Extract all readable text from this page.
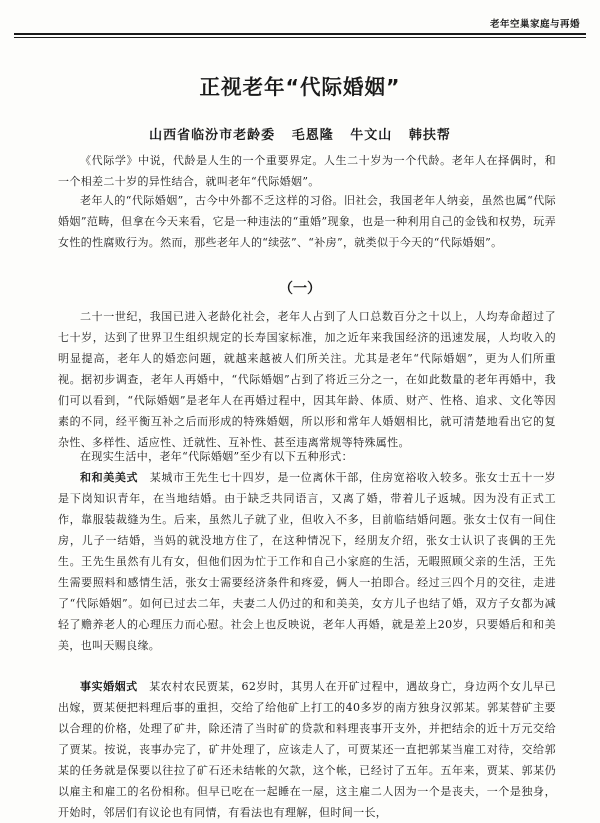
老年空巢家庭与再婚
正视老年“代际婚姻”
山西省临汾市老龄委   毛恩隆   牛文山   韩扶帮

《代际学》中说，代龄是人生的一个重要界定。人生二十岁为一个代龄。老年人在择偶时，和一个相差二十岁的异性结合，就叫老年“代际婚姻”。

老年人的“代际婚姻”，古今中外都不乏这样的习俗。旧社会，我国老年人纳妾，虽然也属“代际婚姻”范畴，但拿在今天来看，它是一种违法的“重婚”现象，也是一种利用自己的金钱和权势，玩弄女性的性腐败行为。然而，那些老年人的“续弦”、“补房”，就类似于今天的“代际婚姻”。

（一）

二十一世纪，我国已进入老龄化社会，老年人占到了人口总数百分之十以上，人均寿命超过了七十岁，达到了世界卫生组织规定的长寿国家标准，加之近年来我国经济的迅速发展，人均收入的明显提高，老年人的婚恋问题，就越来越被人们所关注。尤其是老年“代际婚姻”，更为人们所重视。据初步调查，老年人再婚中，“代际婚姻”占到了将近三分之一，在如此数量的老年再婚中，我们可以看到，“代际婚姻”是老年人在再婚过程中，因其年龄、体质、财产、性格、追求、文化等因素的不同，经平衡互补之后而形成的特殊婚姻，所以形和常年人婚姻相比，就可清楚地看出它的复杂性、多样性、适应性、迁就性、互补性、甚至违离常规等特殊属性。

在现实生活中，老年“代际婚姻”至少有以下五种形式：

和和美美式　 某城市王先生七十四岁，是一位离休干部，住房宽裕收入较多。张女士五十一岁是下岗知识青年，在当地结婚。由于缺乏共同语言，又离了婚，带着儿子返城。因为没有正式工作，靠服装裁缝为生。后来，虽然儿子就了业，但收入不多，目前临结婚问题。张女士仅有一间住房，儿子一结婚，当妈的就没地方住了，在这种情况下，经朋友介绍，张女士认识了丧偶的王先生。王先生虽然有儿有女，但他们因为忙于工作和自己小家庭的生活，无暇照顾父亲的生活，王先生需要照料和感情生活，张女士需要经济条件和疼爱，俩人一拍即合。经过三四个月的交往，走进了“代际婚姻”。如何已过去二年，夫妻二人仍过的和和美美，女方儿子也结了婚，双方子女都为减轻了赡养老人的心理压力而心慰。社会上也反映说，老年人再婚，就是差上20岁，只要婚后和和美美，也叫天赐良缘。

事实婚姻式　 某农村农民贾某，62岁时，其男人在开矿过程中，遇故身亡，身边两个女儿早已出嫁，贾某便把料理后事的重担，交给了给他矿上打工的40多岁的南方独身汉郭某。郭某替矿主要以合理的价格，处理了矿井，除还清了当时矿的贷款和料理丧事开支外，并把结余的近十万元交给了贾某。按说，丧事办完了，矿井处理了，应该走人了，可贾某还一直把郭某当雇工对待，交给郭某的任务就是保要以往拉了矿石还未结帐的欠款，这个帐，已经讨了五年。五年来，贾某、郭某仍以雇主和雇工的名份相称。但早已吃在一起睡在一屋，这主雇二人因为一个是丧夫，一个是独身，开始时，邻居们有议论也有同情，有看法也有理解，但时间一长，
